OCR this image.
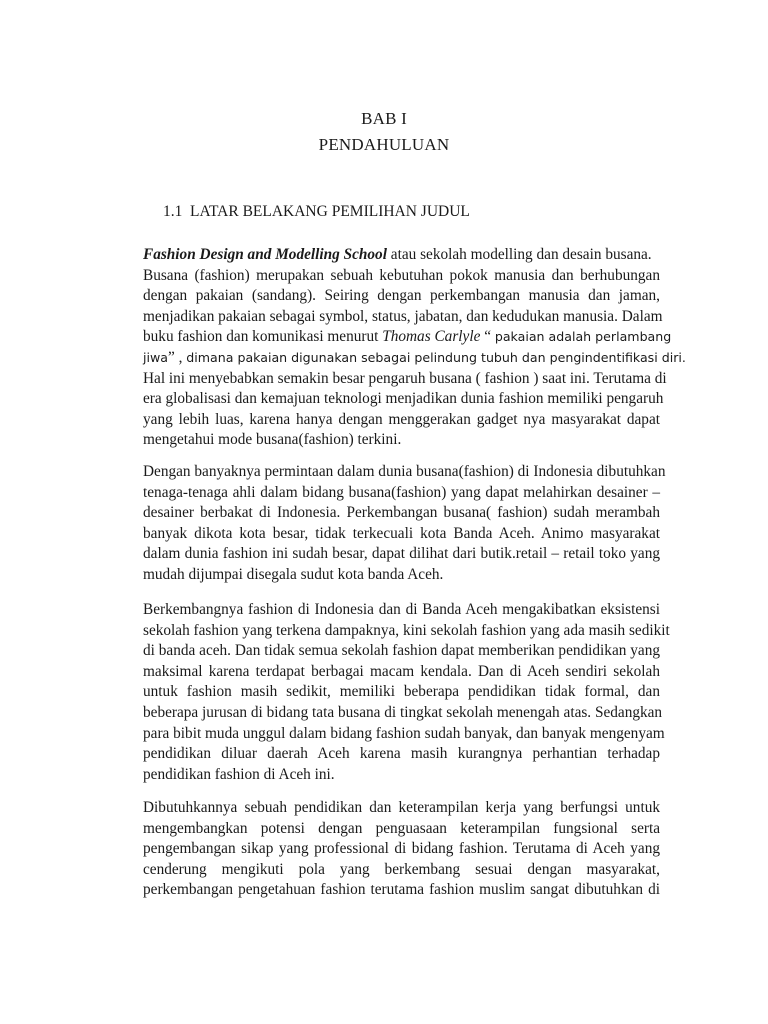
BAB I
PENDAHULUAN
1.1 LATAR BELAKANG PEMILIHAN JUDUL
Fashion Design and Modelling School atau sekolah modelling dan desain busana.
Busana (fashion) merupakan sebuah kebutuhan pokok manusia dan berhubungan
dengan pakaian (sandang). Seiring dengan perkembangan manusia dan jaman,
menjadikan pakaian sebagai symbol, status, jabatan, dan kedudukan manusia. Dalam
buku fashion dan komunikasi menurut Thomas Carlyle “ pakaian adalah perlambang
jiwa” , dimana pakaian digunakan sebagai pelindung tubuh dan pengindentifikasi diri.
Hal ini menyebabkan semakin besar pengaruh busana ( fashion ) saat ini. Terutama di
era globalisasi dan kemajuan teknologi menjadikan dunia fashion memiliki pengaruh
yang lebih luas, karena hanya dengan menggerakan gadget nya masyarakat dapat
mengetahui mode busana(fashion) terkini.
Dengan banyaknya permintaan dalam dunia busana(fashion) di Indonesia dibutuhkan
tenaga-tenaga ahli dalam bidang busana(fashion) yang dapat melahirkan desainer –
desainer berbakat di Indonesia. Perkembangan busana( fashion) sudah merambah
banyak dikota kota besar, tidak terkecuali kota Banda Aceh. Animo masyarakat
dalam dunia fashion ini sudah besar, dapat dilihat dari butik.retail – retail toko yang
mudah dijumpai disegala sudut kota banda Aceh.
Berkembangnya fashion di Indonesia dan di Banda Aceh mengakibatkan eksistensi
sekolah fashion yang terkena dampaknya, kini sekolah fashion yang ada masih sedikit
di banda aceh. Dan tidak semua sekolah fashion dapat memberikan pendidikan yang
maksimal karena terdapat berbagai macam kendala. Dan di Aceh sendiri sekolah
untuk fashion masih sedikit, memiliki beberapa pendidikan tidak formal, dan
beberapa jurusan di bidang tata busana di tingkat sekolah menengah atas. Sedangkan
para bibit muda unggul dalam bidang fashion sudah banyak, dan banyak mengenyam
pendidikan diluar daerah Aceh karena masih kurangnya perhantian terhadap
pendidikan fashion di Aceh ini.
Dibutuhkannya sebuah pendidikan dan keterampilan kerja yang berfungsi untuk
mengembangkan potensi dengan penguasaan keterampilan fungsional serta
pengembangan sikap yang professional di bidang fashion. Terutama di Aceh yang
cenderung mengikuti pola yang berkembang sesuai dengan masyarakat,
perkembangan pengetahuan fashion terutama fashion muslim sangat dibutuhkan di
